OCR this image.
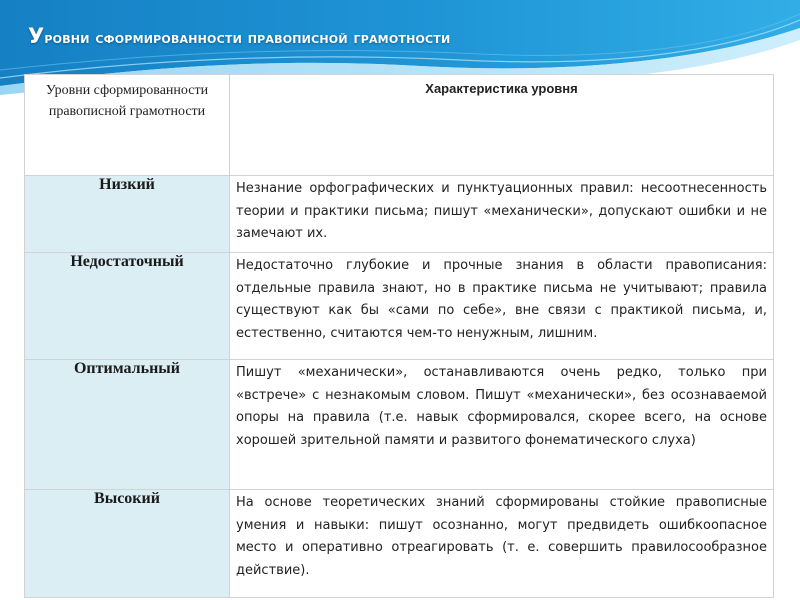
Уровни сформированности правописной грамотности
Уровни сформированности правописной грамотности	Характеристика уровня
Низкий	Незнание орфографических и пунктуационных правил: несоотнесенность теории и практики письма; пишут «механически», допускают ошибки и не замечают их.
Недостаточный	Недостаточно глубокие и прочные знания в области правописания: отдельные правила знают, но в практике письма не учитывают; правила существуют как бы «сами по себе», вне связи с практикой письма, и, естественно, считаются чем-то ненужным, лишним.
Оптимальный	Пишут «механически», останавливаются очень редко, только при «встрече» с незнакомым словом. Пишут «механически», без осознаваемой опоры на правила (т.е. навык сформировался, скорее всего, на основе хорошей зрительной памяти и развитого фонематического слуха)
Высокий	На основе теоретических знаний сформированы стойкие правописные умения и навыки: пишут осознанно, могут предвидеть ошибкоопасное место и оперативно отреагировать (т. е. совершить правилосообразное действие).
